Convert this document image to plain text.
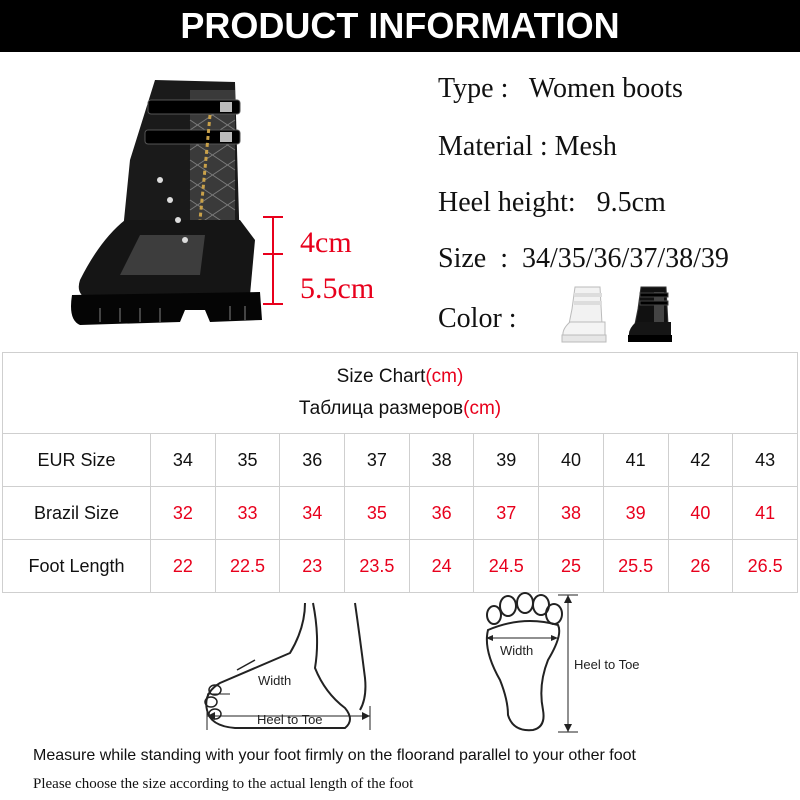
PRODUCT INFORMATION
4cm
5.5cm
Type :   Women boots
Material : Mesh
Heel height:   9.5cm
Size  :  34/35/36/37/38/39
Color :
Size Chart(cm)
Таблица размеров(cm)										

EUR Size	34	35	36	37	38	39	40	41	42	43
Brazil Size	32	33	34	35	36	37	38	39	40	41
Foot Length	22	22.5	23	23.5	24	24.5	25	25.5	26	26.5
Width
Heel to Toe
Width
Heel to Toe
Measure while standing with your foot firmly on the floorand parallel to your other foot
Please choose the size according to the actual length of the foot
